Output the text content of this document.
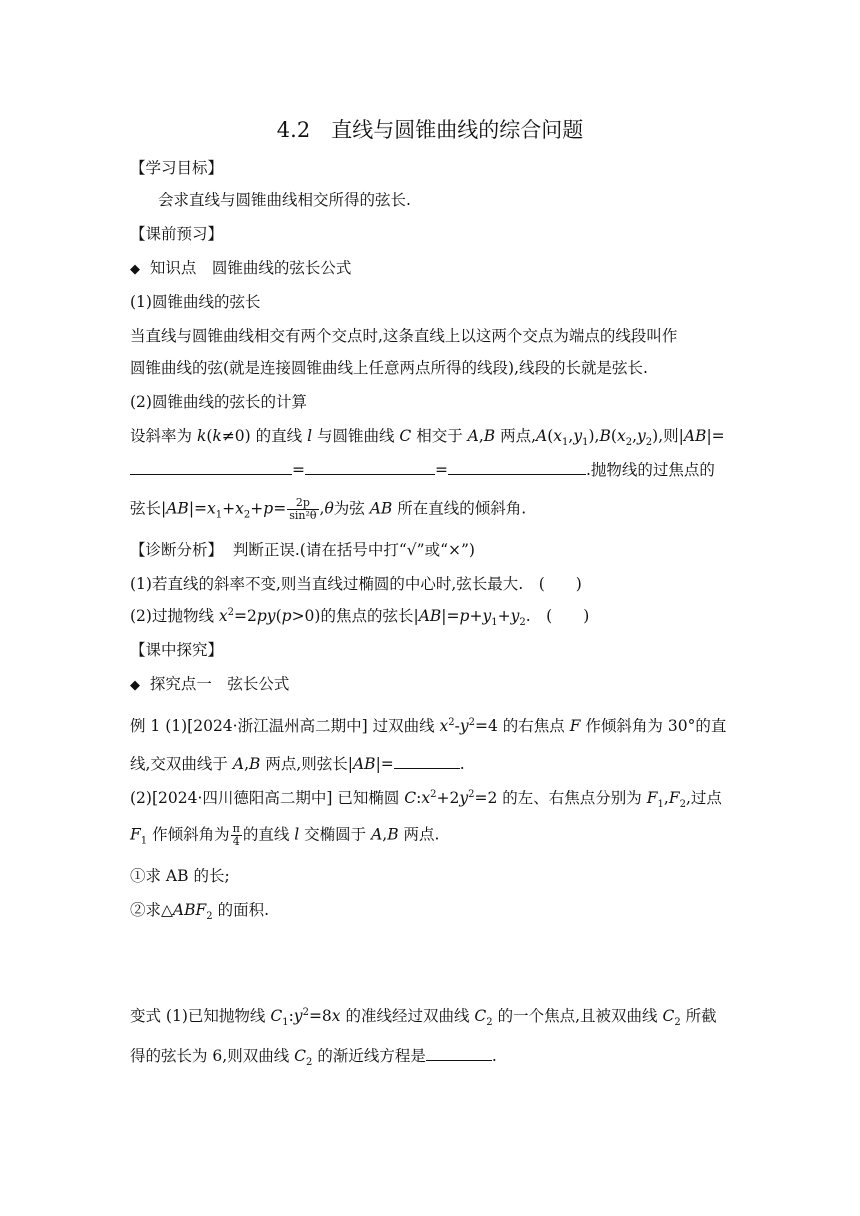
4.2　直线与圆锥曲线的综合问题
【学习目标】
会求直线与圆锥曲线相交所得的弦长.
【课前预习】
◆ 知识点　圆锥曲线的弦长公式
(1)圆锥曲线的弦长
当直线与圆锥曲线相交有两个交点时,这条直线上以这两个交点为端点的线段叫作
圆锥曲线的弦(就是连接圆锥曲线上任意两点所得的线段),线段的长就是弦长.
(2)圆锥曲线的弦长的计算
设斜率为 k(k≠0) 的直线 l 与圆锥曲线 C 相交于 A,B 两点$,A(x_1,y_1),B(x_2,y_2)$,则|AB|=
=	=	.抛物线的过焦点的
弦长$|AB|=x_1+x_2+p= \frac{2p}{\text{sin²θ}} ,\theta$为弦 AB 所在直线的倾斜角.
【诊断分析】 判断正误.(请在括号中打“√”或“×”)
(1)若直线的斜率不变,则当直线过椭圆的中心时,弦长最大.　(　　)
(2)过抛物线 $x^2=2py(p>0)$的焦点的弦长$|AB|=p+y_1+y_2$.　(　　)
【课中探究】
◆ 探究点一　弦长公式
例 1 (1)[2024·浙江温州高二期中] 过双曲线 $x^2-y^2=4$ 的右焦点 F 作倾斜角为 30°的直
线,交双曲线于 A,B 两点,则弦长|AB|=	.
(2)[2024·四川德阳高二期中] 已知椭圆 $C:x^2+2y^2=2$ 的左、右焦点分别为 $F_1,F_2$,过点
$F_1$ 作倾斜角为 $\frac{\pi}{4}$ 的直线 l 交椭圆于 A,B 两点.
①求 AB 的长;
②求$\triangle ABF_2$ 的面积.
变式 (1)已知抛物线 $C_1:y^2=8x$ 的准线经过双曲线 $C_2$ 的一个焦点,且被双曲线 $C_2$ 所截
得的弦长为 6,则双曲线 $C_2$ 的渐近线方程是	.
